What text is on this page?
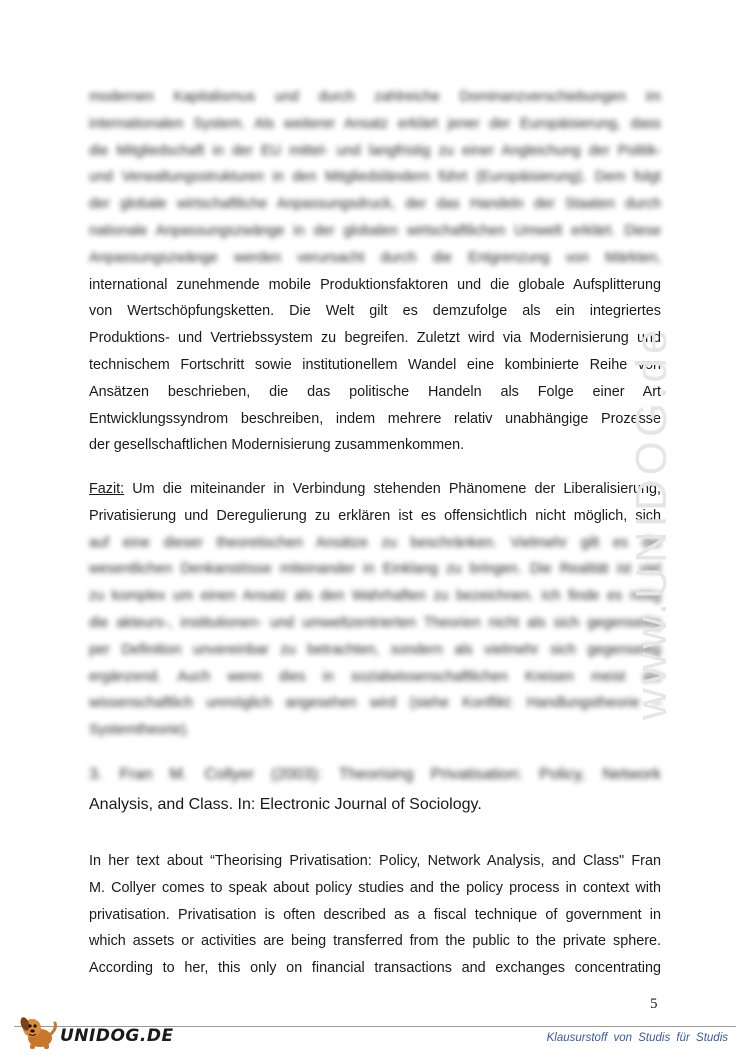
modernen Kapitalismus und durch zahlreiche Dominanzverschiebungen im
internationalen System. Als weiterer Ansatz erklärt jener der Europäisierung, dass
die Mitgliedschaft in der EU mittel- und langfristig zu einer Angleichung der Politik-
und Verwaltungsstrukturen in den Mitgliedsländern führt (Europäisierung). Dem folgt
der globale wirtschaftliche Anpassungsdruck, der das Handeln der Staaten durch
nationale Anpassungszwänge in der globalen wirtschaftlichen Umwelt erklärt. Diese
Anpassungszwänge werden verursacht durch die Entgrenzung von Märkten,
international zunehmende mobile Produktionsfaktoren und die globale Aufsplitterung
von Wertschöpfungsketten. Die Welt gilt es demzufolge als ein integriertes
Produktions- und Vertriebssystem zu begreifen. Zuletzt wird via Modernisierung und
technischem Fortschritt sowie institutionellem Wandel eine kombinierte Reihe von
Ansätzen beschrieben, die das politische Handeln als Folge einer Art
Entwicklungssyndrom beschreiben, indem mehrere relativ unabhängige Prozesse
der gesellschaftlichen Modernisierung zusammenkommen.
Fazit: Um die miteinander in Verbindung stehenden Phänomene der Liberalisierung,
Privatisierung und Deregulierung zu erklären ist es offensichtlich nicht möglich, sich
auf eine dieser theoretischen Ansätze zu beschränken. Vielmehr gilt es die
wesentlichen Denkanstösse miteinander in Einklang zu bringen. Die Realität ist viel
zu komplex um einen Ansatz als den Wahrhaften zu bezeichnen. Ich finde es nötig
die akteurs-, institutionen- und umweltzentrierten Theorien nicht als sich gegenseitig
per Definition unvereinbar zu betrachten, sondern als vielmehr sich gegenseitig
ergänzend. Auch wenn dies in sozialwissenschaftlichen Kreisen meist als
wissenschaftlich unmöglich angesehen wird (siehe Konflikt: Handlungstheorie –
Systemtheorie).
3. Fran M. Collyer (2003): Theorising Privatisation: Policy, Network
Analysis, and Class. In: Electronic Journal of Sociology.
In her text about “Theorising Privatisation: Policy, Network Analysis, and Class" Fran
M. Collyer comes to speak about policy studies and the policy process in context with
privatisation. Privatisation is often described as a fiscal technique of government in
which assets or activities are being transferred from the public to the private sphere.
According to her, this only on financial transactions and exchanges concentrating
www.UNIDOG.de
5
UNIDOG.DE	Klausurstoff von Studis für Studis
